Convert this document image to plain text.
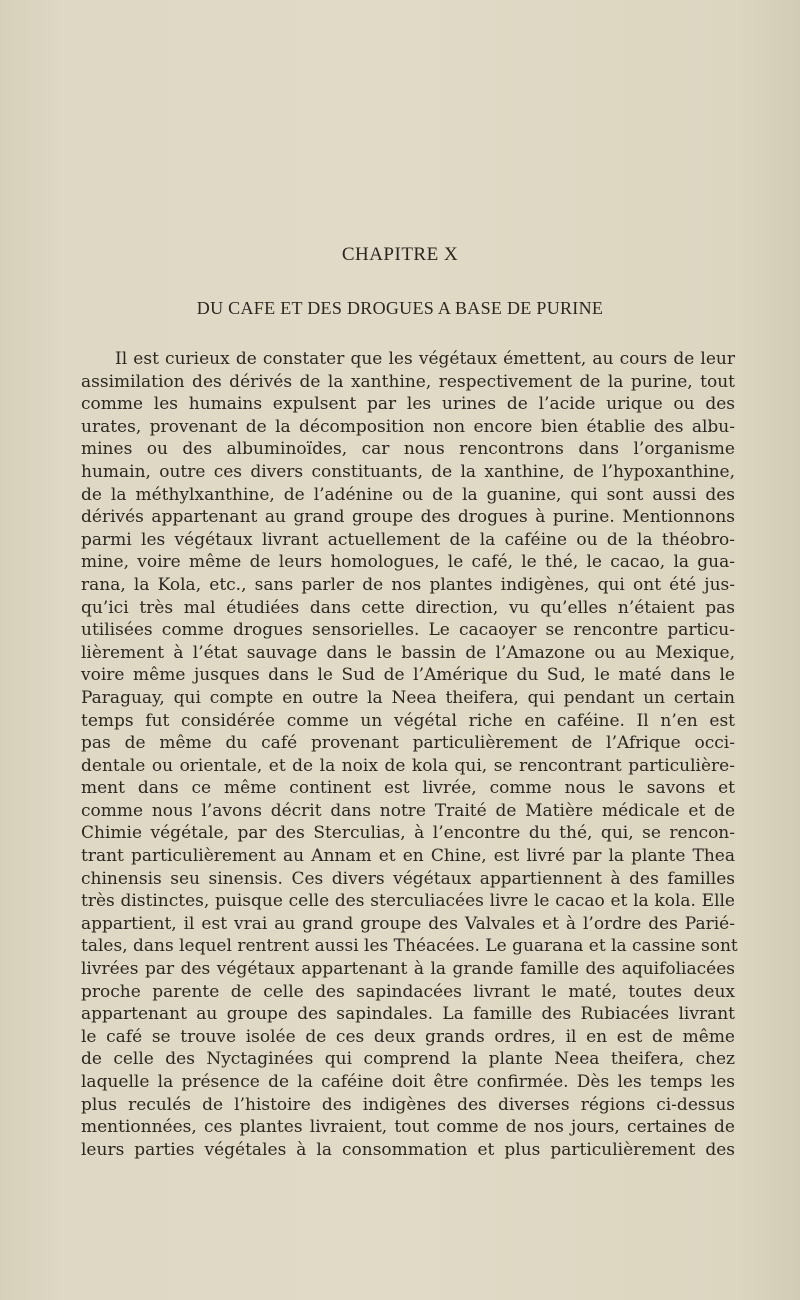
CHAPITRE X
DU CAFE ET DES DROGUES A BASE DE PURINE
Il est curieux de constater que les végétaux émettent, au cours de leur
assimilation des dérivés de la xanthine, respectivement de la purine, tout
comme les humains expulsent par les urines de l’acide urique ou des
urates, provenant de la décomposition non encore bien établie des albu-
mines ou des albuminoïdes, car nous rencontrons dans l’organisme
humain, outre ces divers constituants, de la xanthine, de l’hypoxanthine,
de la méthylxanthine, de l’adénine ou de la guanine, qui sont aussi des
dérivés appartenant au grand groupe des drogues à purine. Mentionnons
parmi les végétaux livrant actuellement de la caféine ou de la théobro-
mine, voire même de leurs homologues, le café, le thé, le cacao, la gua-
rana, la Kola, etc., sans parler de nos plantes indigènes, qui ont été jus-
qu’ici très mal étudiées dans cette direction, vu qu’elles n’étaient pas
utilisées comme drogues sensorielles. Le cacaoyer se rencontre particu-
lièrement à l’état sauvage dans le bassin de l’Amazone ou au Mexique,
voire même jusques dans le Sud de l’Amérique du Sud, le maté dans le
Paraguay, qui compte en outre la Neea theifera, qui pendant un certain
temps fut considérée comme un végétal riche en caféine. Il n’en est
pas de même du café provenant particulièrement de l’Afrique occi-
dentale ou orientale, et de la noix de kola qui, se rencontrant particulière-
ment dans ce même continent est livrée, comme nous le savons et
comme nous l’avons décrit dans notre Traité de Matière médicale et de
Chimie végétale, par des Sterculias, à l’encontre du thé, qui, se rencon-
trant particulièrement au Annam et en Chine, est livré par la plante Thea
chinensis seu sinensis. Ces divers végétaux appartiennent à des familles
très distinctes, puisque celle des sterculiacées livre le cacao et la kola. Elle
appartient, il est vrai au grand groupe des Valvales et à l’ordre des Parié-
tales, dans lequel rentrent aussi les Théacées. Le guarana et la cassine sont
livrées par des végétaux appartenant à la grande famille des aquifoliacées
proche parente de celle des sapindacées livrant le maté, toutes deux
appartenant au groupe des sapindales. La famille des Rubiacées livrant
le café se trouve isolée de ces deux grands ordres, il en est de même
de celle des Nyctaginées qui comprend la plante Neea theifera, chez
laquelle la présence de la caféine doit être confirmée. Dès les temps les
plus reculés de l’histoire des indigènes des diverses régions ci-dessus
mentionnées, ces plantes livraient, tout comme de nos jours, certaines de
leurs parties végétales à la consommation et plus particulièrement des
